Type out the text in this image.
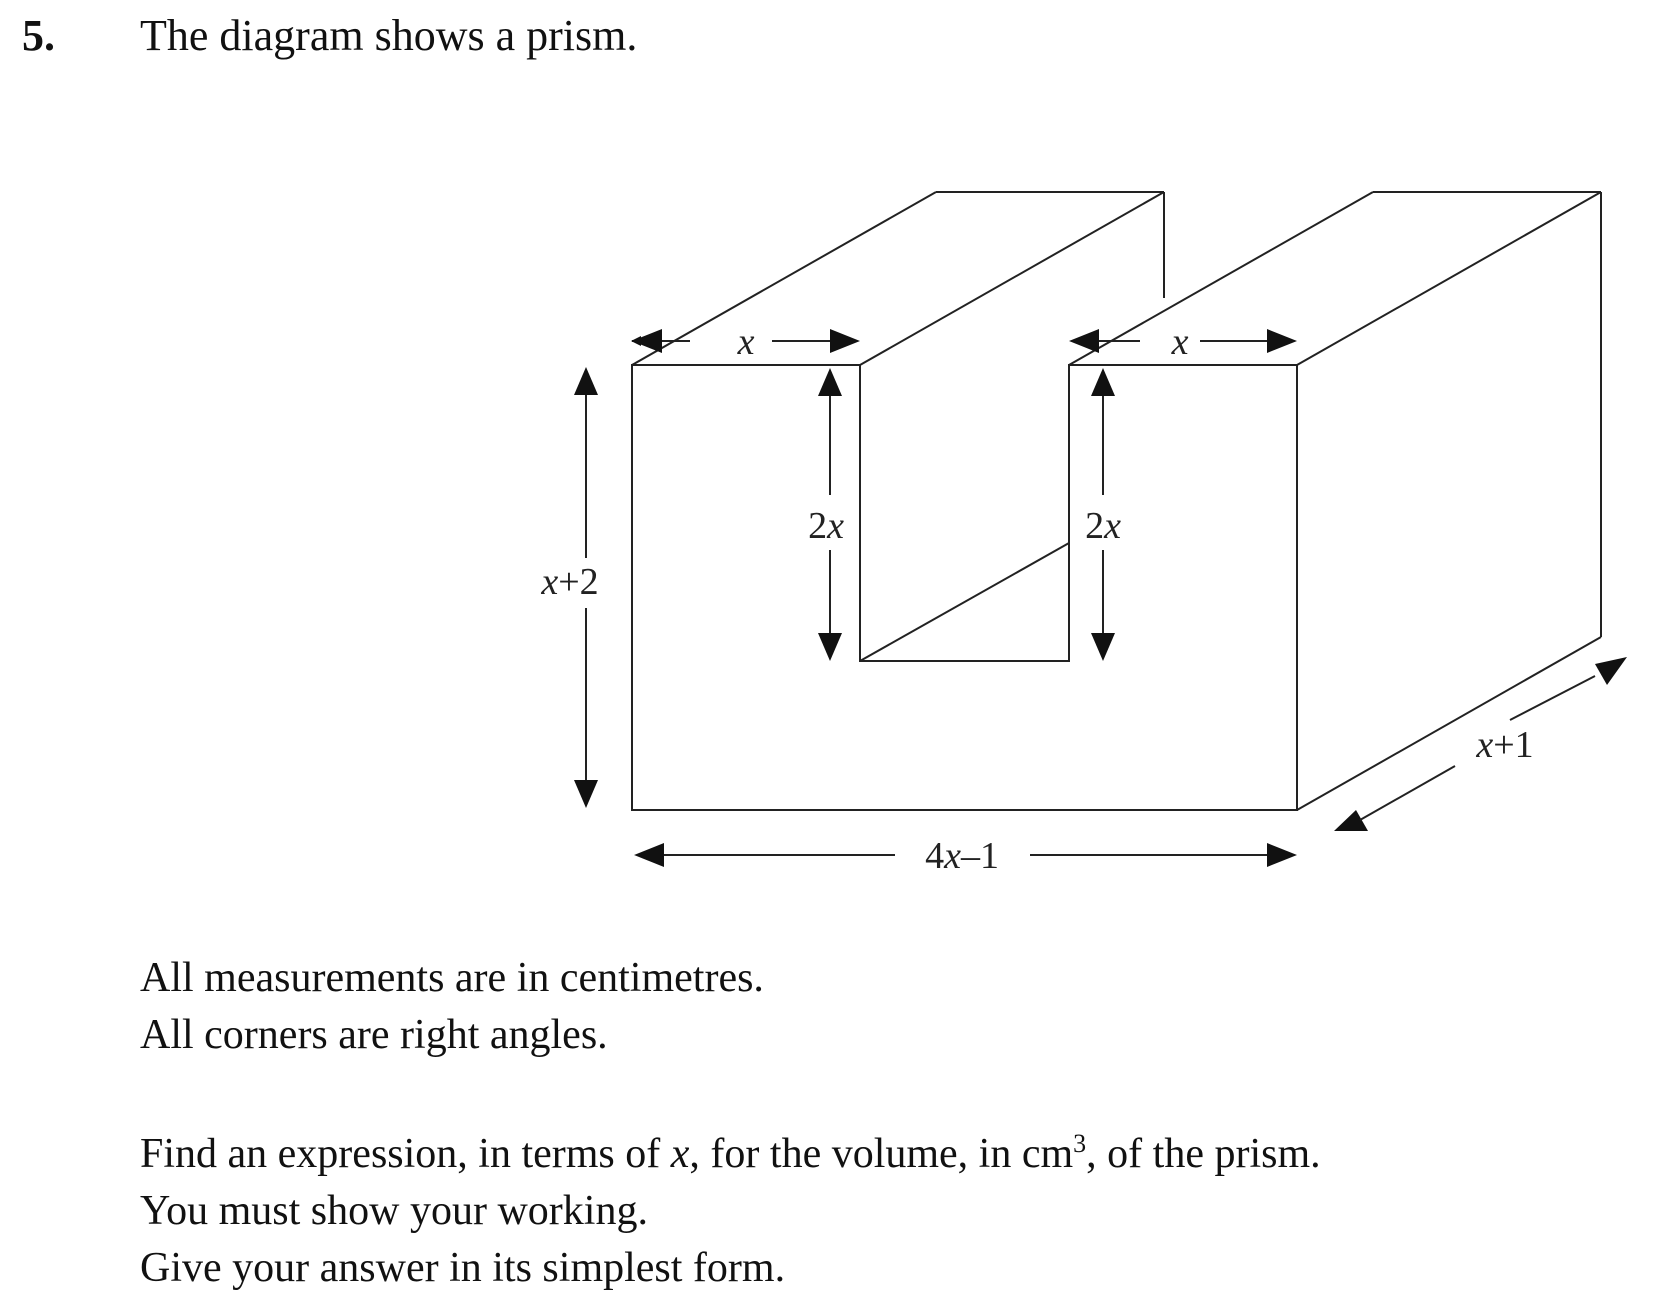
5. The diagram shows a prism.
x	x
2x	2x
x+2
4x–1
x+1
All measurements are in centimetres.
All corners are right angles.
Find an expression, in terms of x, for the volume, in $cm^3$, of the prism.
You must show your working.
Give your answer in its simplest form.
